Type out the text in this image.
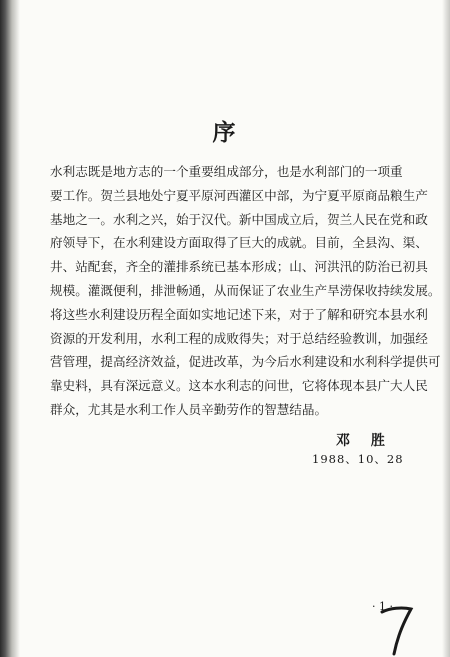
序
水利志既是地方志的一个重要组成部分，也是水利部门的一项重
要工作。贺兰县地处宁夏平原河西灌区中部，为宁夏平原商品粮生产
基地之一。水利之兴，始于汉代。新中国成立后，贺兰人民在党和政
府领导下，在水利建设方面取得了巨大的成就。目前，全县沟、渠、
井、站配套，齐全的灌排系统已基本形成；山、河洪汛的防治已初具
规模。灌溉便利，排泄畅通，从而保证了农业生产旱涝保收持续发展。
将这些水利建设历程全面如实地记述下来，对于了解和研究本县水利
资源的开发利用，水利工程的成败得失；对于总结经验教训，加强经
营管理，提高经济效益，促进改革，为今后水利建设和水利科学提供可
靠史料，具有深远意义。这本水利志的问世，它将体现本县广大人民
群众，尤其是水利工作人员辛勤劳作的智慧结晶。
邓 胜
1988、10、28
· 1 ·
